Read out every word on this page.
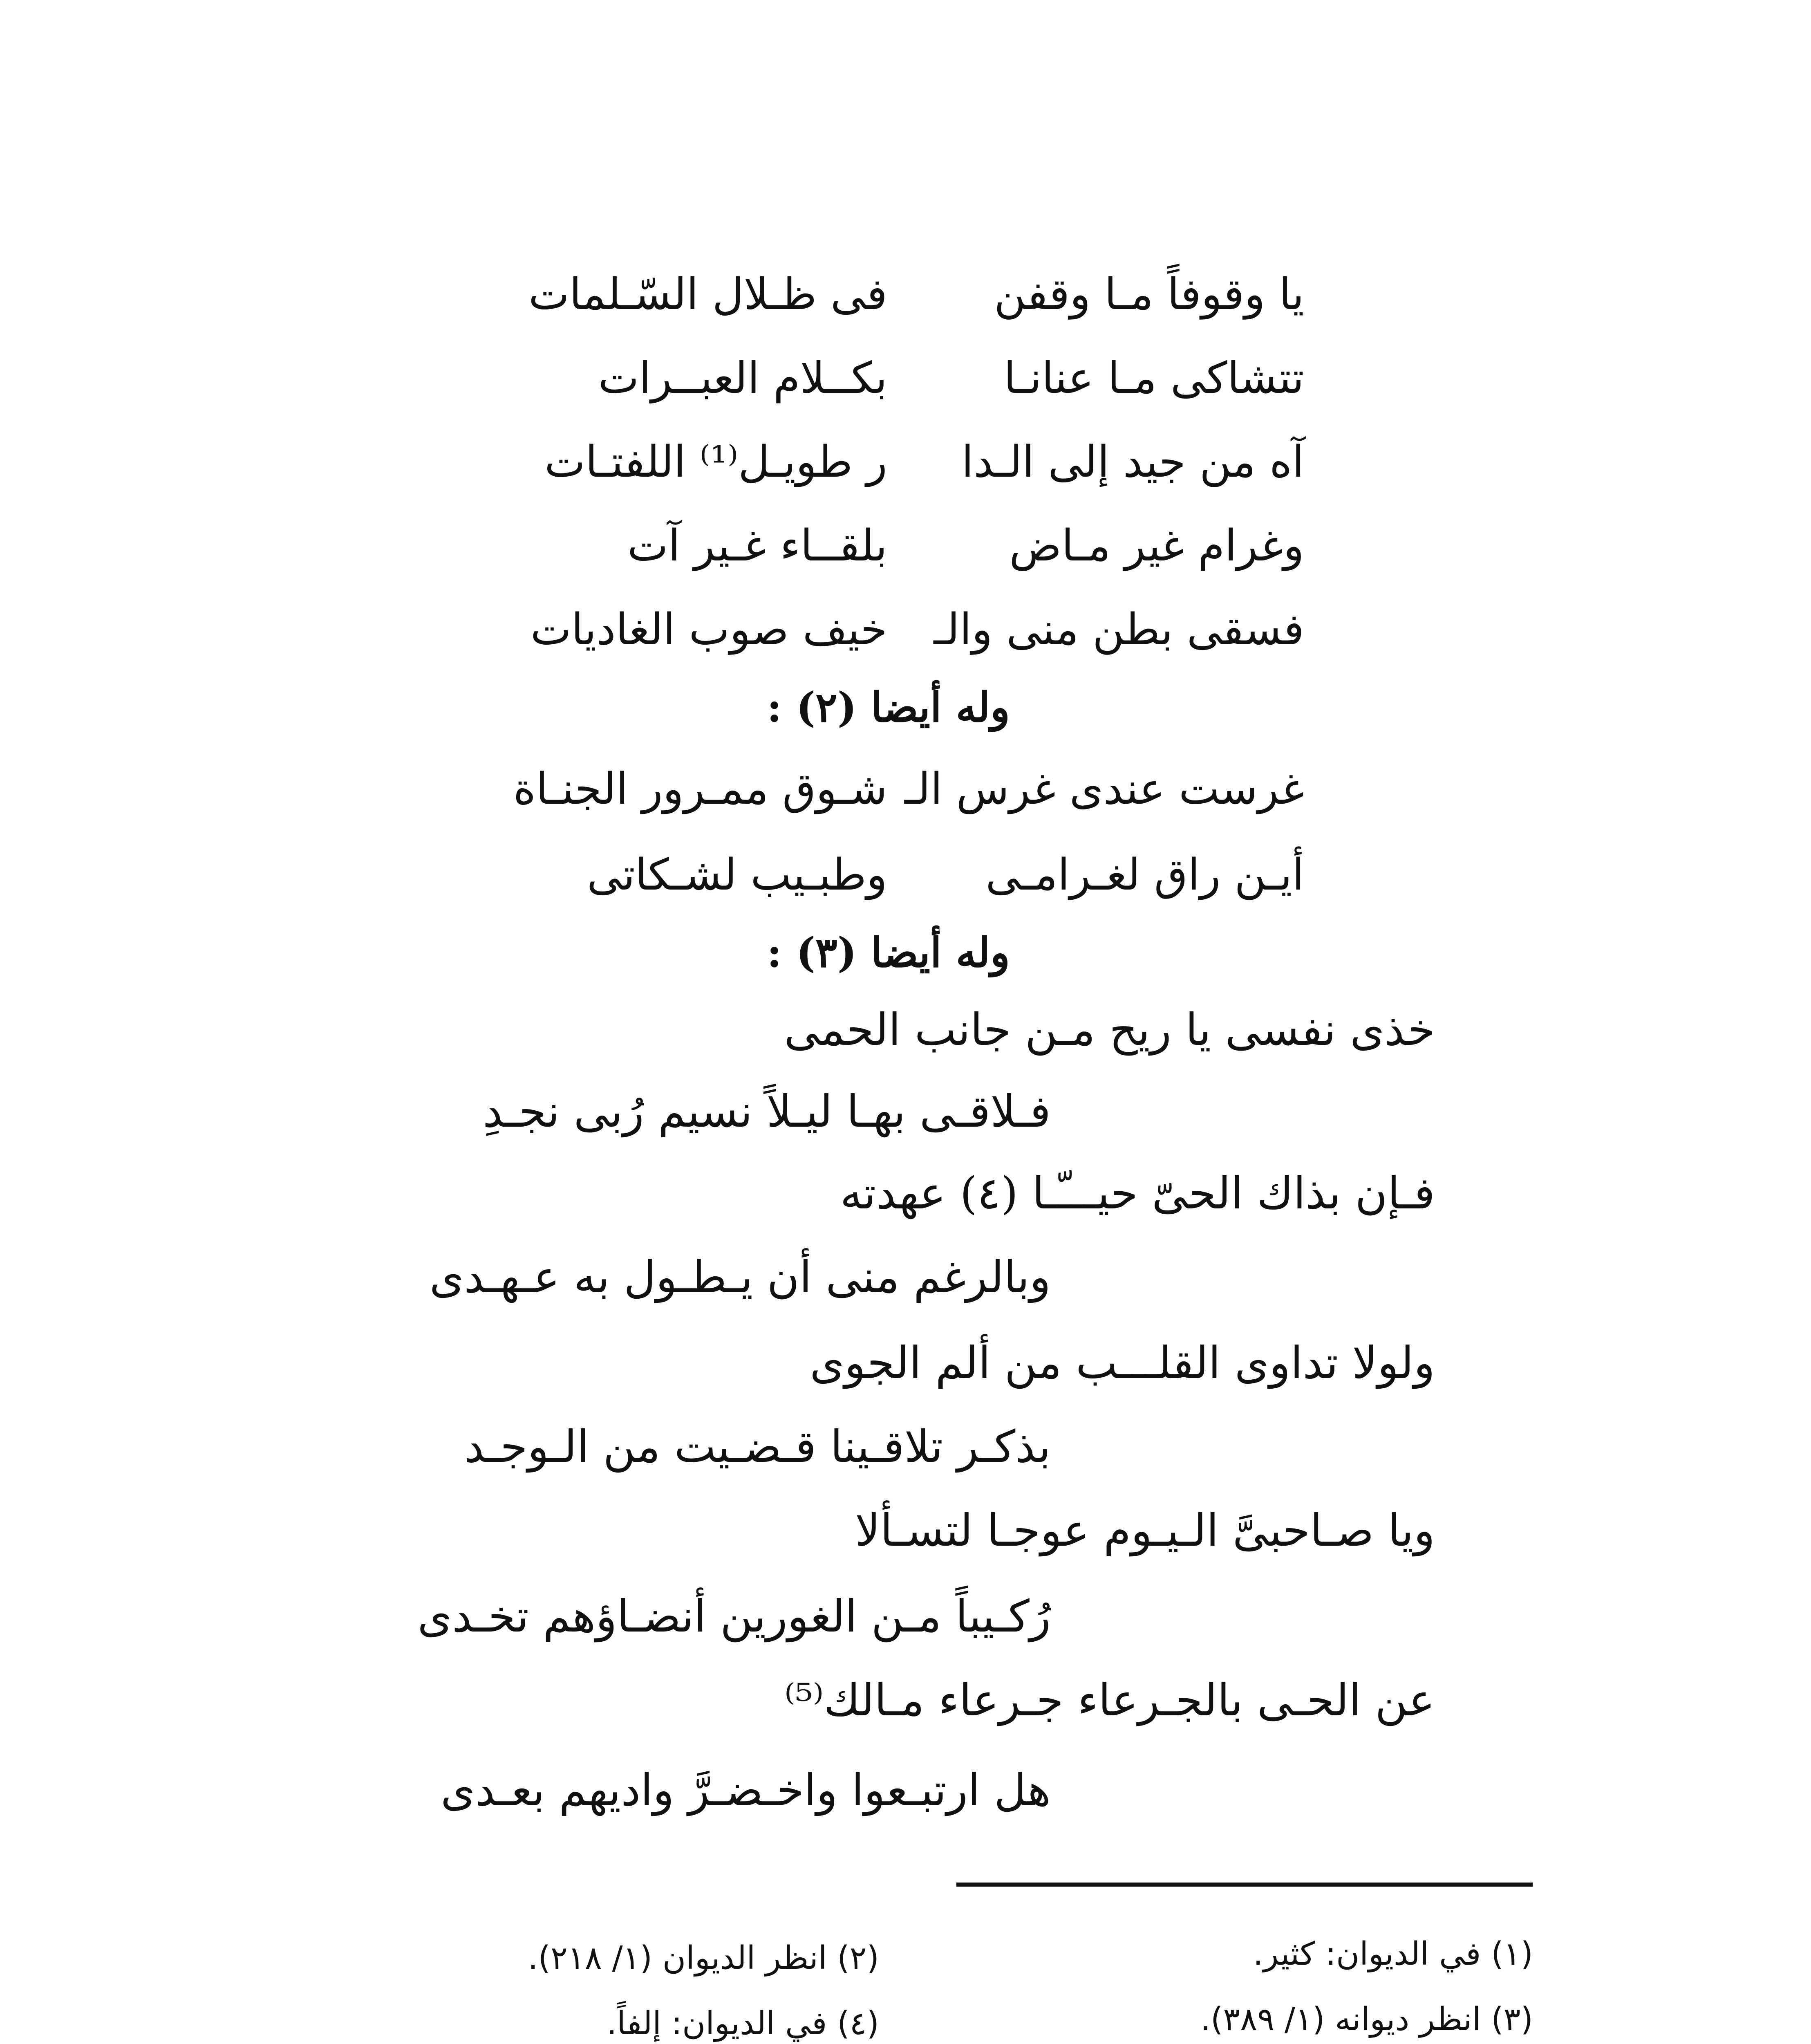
يا وقوفاً مـا وقفن
فى ظـلال السّـلمات
تتشاكى مـا عنانـا
بكــلام العبــرات
آه من جيد إلى الـدا
ر طويـل⁽¹⁾ اللفتـات
وغرام غير مـاض
بلقــاء غـير آت
فسقى بطن منى والـ
خيف صوب الغاديات
وله أيضا (٢) :
غرست عندى غرس الـ
شـوق ممـرور الجنـاة
أيـن راق لغـرامـى
وطبـيب لشـكاتى
وله أيضا (٣) :
خذى نفسى يا ريح مـن جانب الحمى
فـلاقـى بهـا ليـلاً نسيم رُبى نجـدِ
فـإن بذاك الحىّ حيـــّـا (٤) عهدته
وبالرغم منى أن يـطـول به عـهـدى
ولولا تداوى القلـــب من ألم الجوى
بذكـر تلاقـينا قـضـيت من الـوجـد
ويا صـاحبىَّ الـيـوم عوجـا لتسـألا
رُكـيباً مـن الغورين أنضـاؤهم تخـدى
عن الحـى بالجـرعاء جـرعاء مـالك⁽⁵⁾
هل ارتبـعوا واخـضـرَّ واديهم بعـدى
(١) في الديوان: كثير.
(٢) انظر الديوان (١/ ٢١٨).
(٣) انظر ديوانه (١/ ٣٨٩).
(٤) في الديوان: إلفاً.
